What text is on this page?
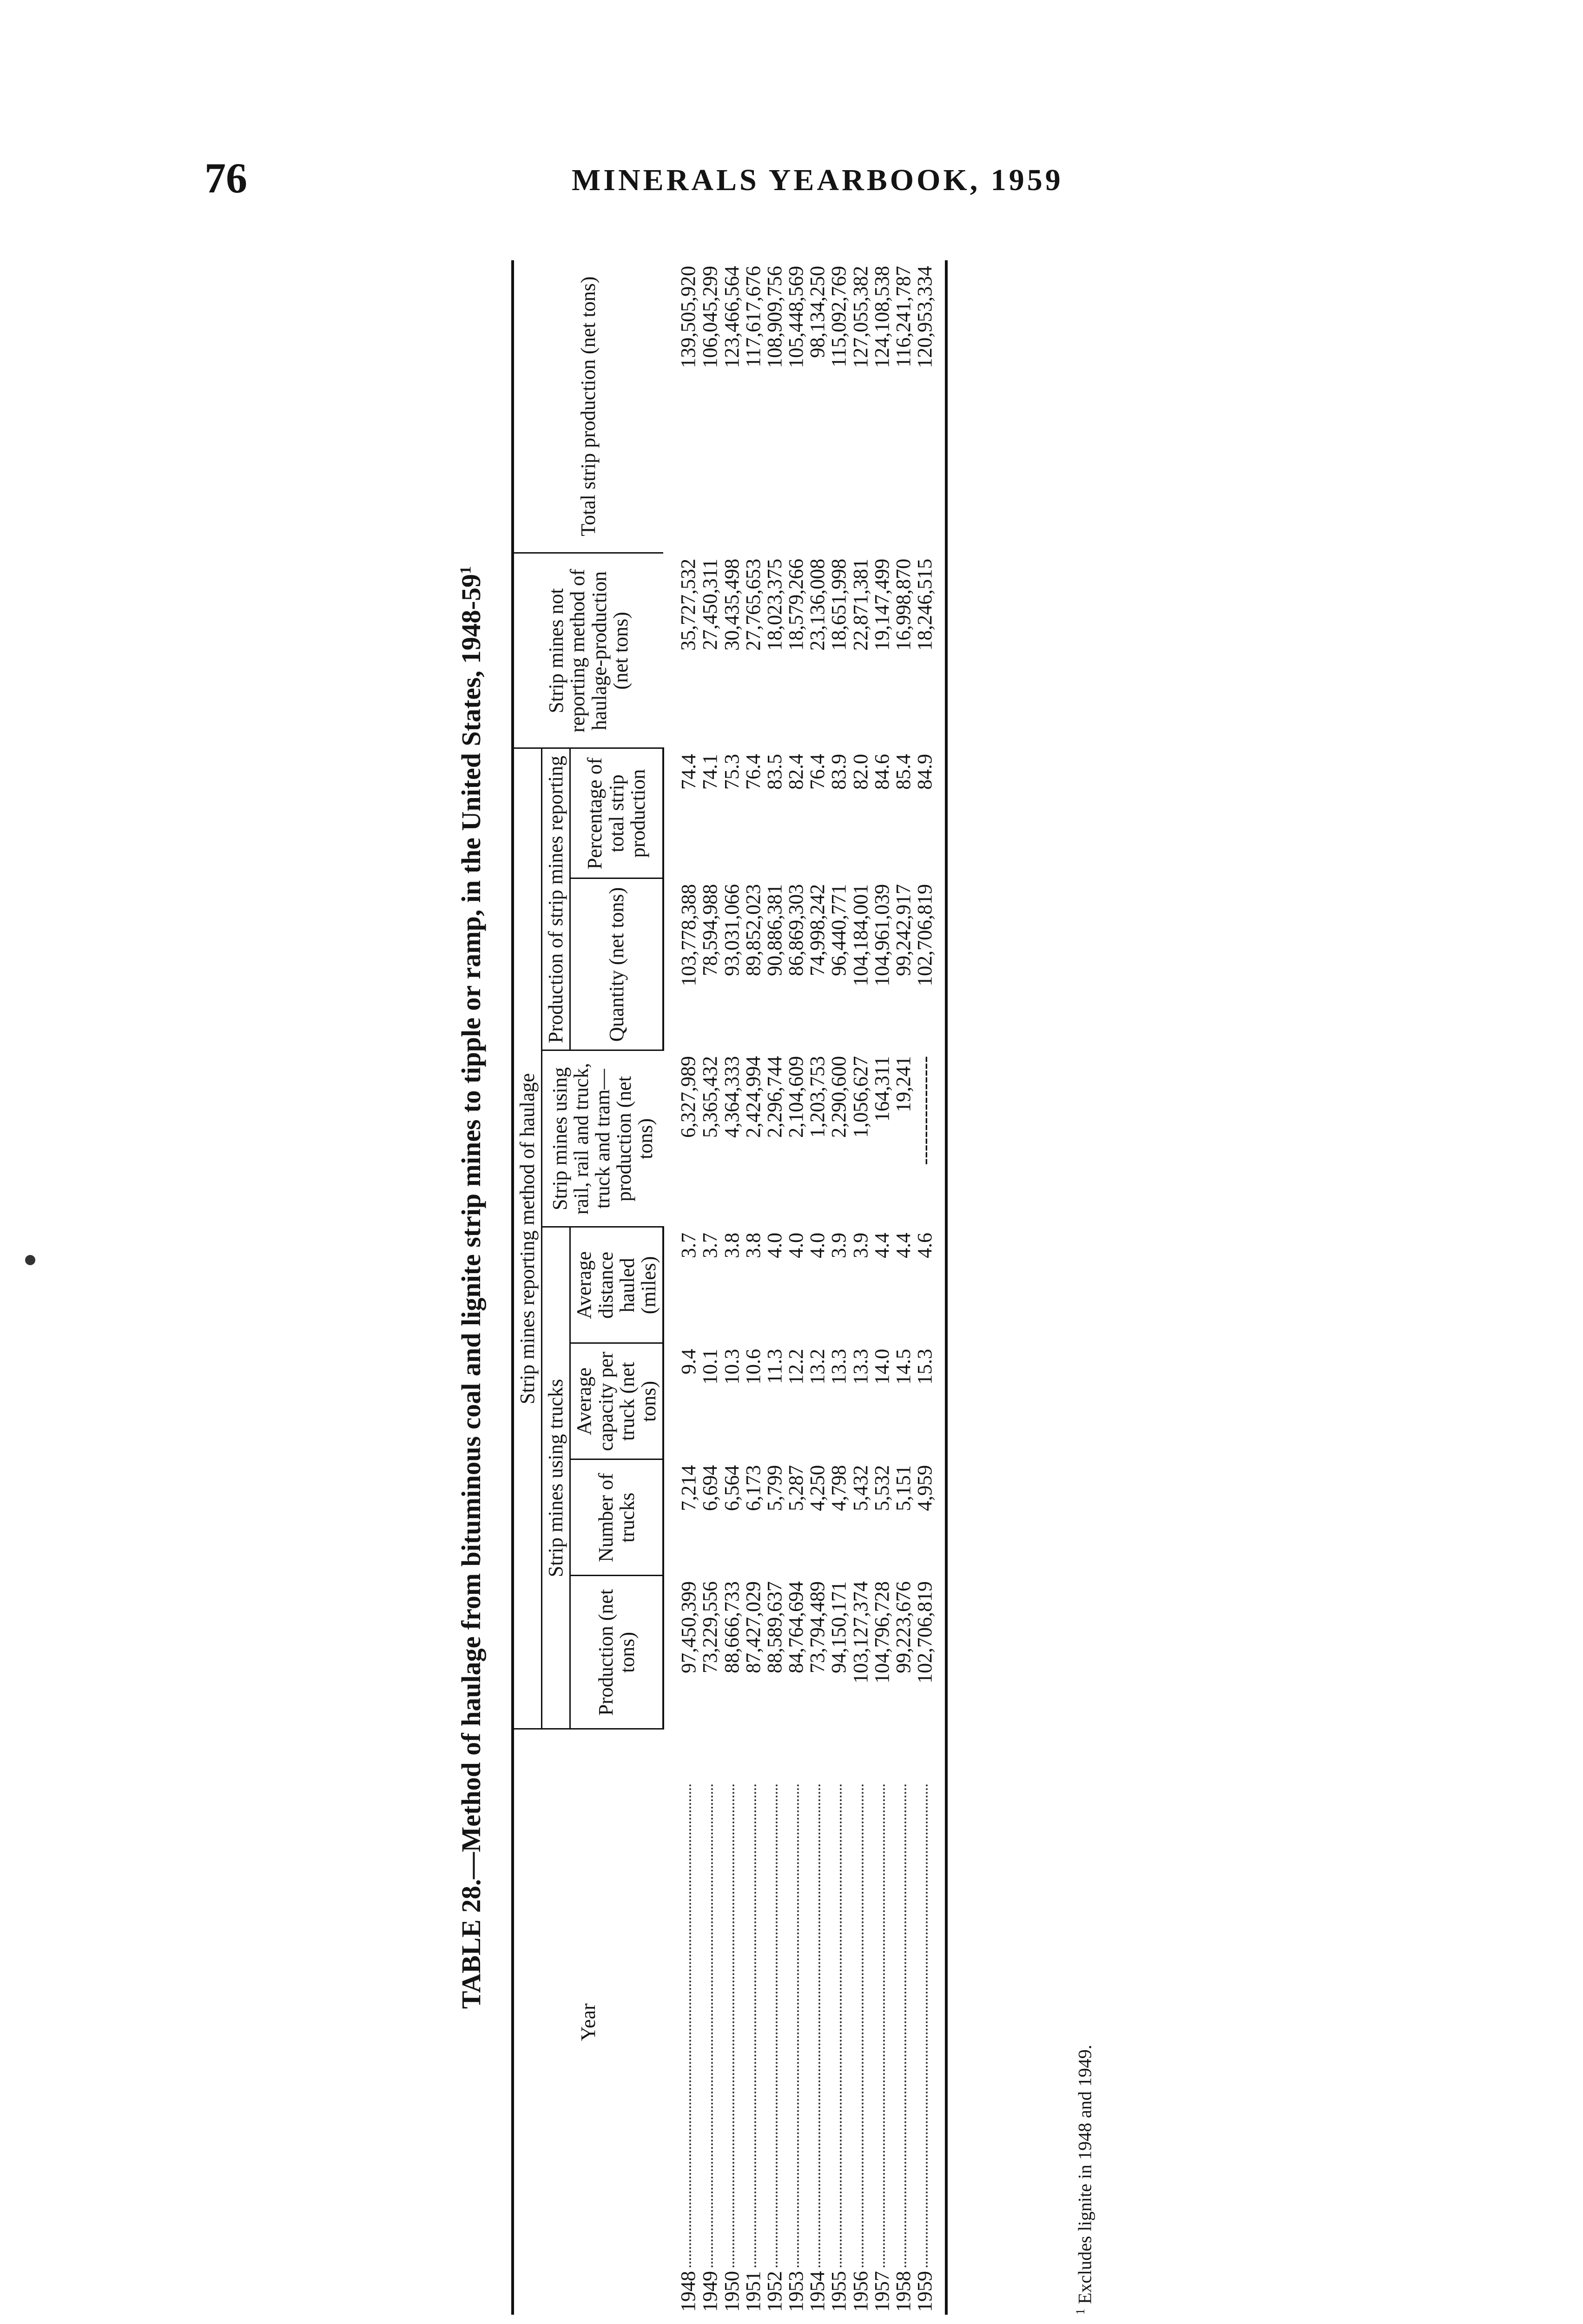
76	MINERALS YEARBOOK, 1959
TABLE 28.—Method of haulage from bituminous coal and lignite strip mines to tipple or ramp, in the United States, $1948-59^1$
Year	Strip mines reporting method of haulage							Strip mines not reporting method of haulage-production (net tons)	Total strip production (net tons)
	Strip mines using trucks				Strip mines using rail, rail and truck, truck and tram—production (net tons)	Production of strip mines reporting			

	Production (net tons)	Number of trucks	Average capacity per truck (net tons)	Average distance hauled (miles)		Quantity (net tons)	Percentage of total strip production		
1948	97,450,399	7,214	9.4	3.7	6,327,989	103,778,388	74.4	35,727,532	139,505,920
1949	73,229,556	6,694	10.1	3.7	5,365,432	78,594,988	74.1	27,450,311	106,045,299
1950	88,666,733	6,564	10.3	3.8	4,364,333	93,031,066	75.3	30,435,498	123,466,564
1951	87,427,029	6,173	10.6	3.8	2,424,994	89,852,023	76.4	27,765,653	117,617,676
1952	88,589,637	5,799	11.3	4.0	2,296,744	90,886,381	83.5	18,023,375	108,909,756
1953	84,764,694	5,287	12.2	4.0	2,104,609	86,869,303	82.4	18,579,266	105,448,569
1954	73,794,489	4,250	13.2	4.0	1,203,753	74,998,242	76.4	23,136,008	98,134,250
1955	94,150,171	4,798	13.3	3.9	2,290,600	96,440,771	83.9	18,651,998	115,092,769
1956	103,127,374	5,432	13.3	3.9	1,056,627	104,184,001	82.0	22,871,381	127,055,382
1957	104,796,728	5,532	14.0	4.4	164,311	104,961,039	84.6	19,147,499	124,108,538
1958	99,223,676	5,151	14.5	4.4	19,241	99,242,917	85.4	16,998,870	116,241,787
1959	102,706,819	4,959	15.3	4.6	----------------	102,706,819	84.9	18,246,515	120,953,334
$^1$ Excludes lignite in 1948 and 1949.
